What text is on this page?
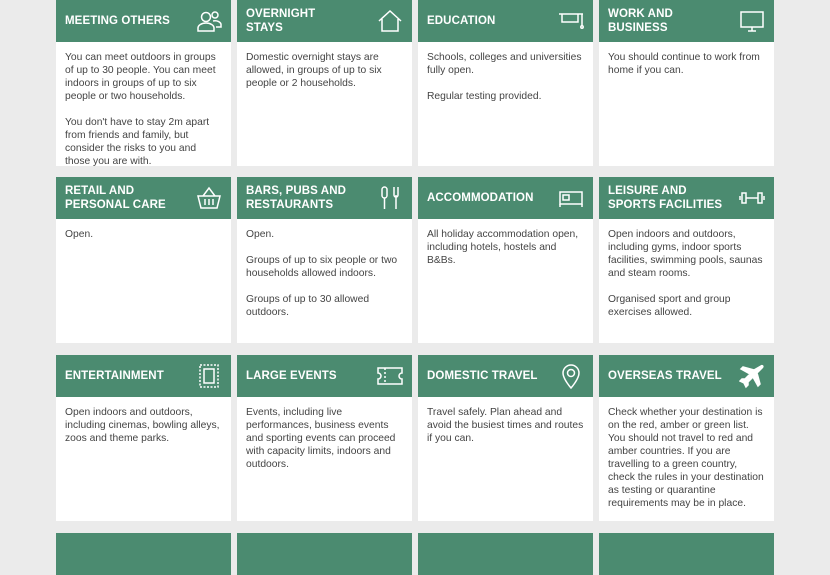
MEETING OTHERS

You can meet outdoors in groups of up to 30 people. You can meet indoors in groups of up to six people or two households.

You don't have to stay 2m apart from friends and family, but consider the risks to you and those you are with.

OVERNIGHT
STAYS

Domestic overnight stays are allowed, in groups of up to six people or 2 households.

EDUCATION

Schools, colleges and universities fully open.

Regular testing provided.

WORK AND
BUSINESS

You should continue to work from home if you can.

RETAIL AND
PERSONAL CARE

Open.

BARS, PUBS AND
RESTAURANTS

Open.

Groups of up to six people or two households allowed indoors.

Groups of up to 30 allowed outdoors.

ACCOMMODATION

All holiday accommodation open, including hotels, hostels and B&Bs.

LEISURE AND
SPORTS FACILITIES

Open indoors and outdoors, including gyms, indoor sports facilities, swimming pools, saunas and steam rooms.

Organised sport and group exercises allowed.

ENTERTAINMENT

Open indoors and outdoors, including cinemas, bowling alleys, zoos and theme parks.

LARGE EVENTS

Events, including live performances, business events and sporting events can proceed with capacity limits, indoors and outdoors.

DOMESTIC TRAVEL

Travel safely. Plan ahead and avoid the busiest times and routes if you can.

OVERSEAS TRAVEL

Check whether your destination is on the red, amber or green list. You should not travel to red and amber countries. If you are travelling to a green country, check the rules in your destination as testing or quarantine requirements may be in place.
